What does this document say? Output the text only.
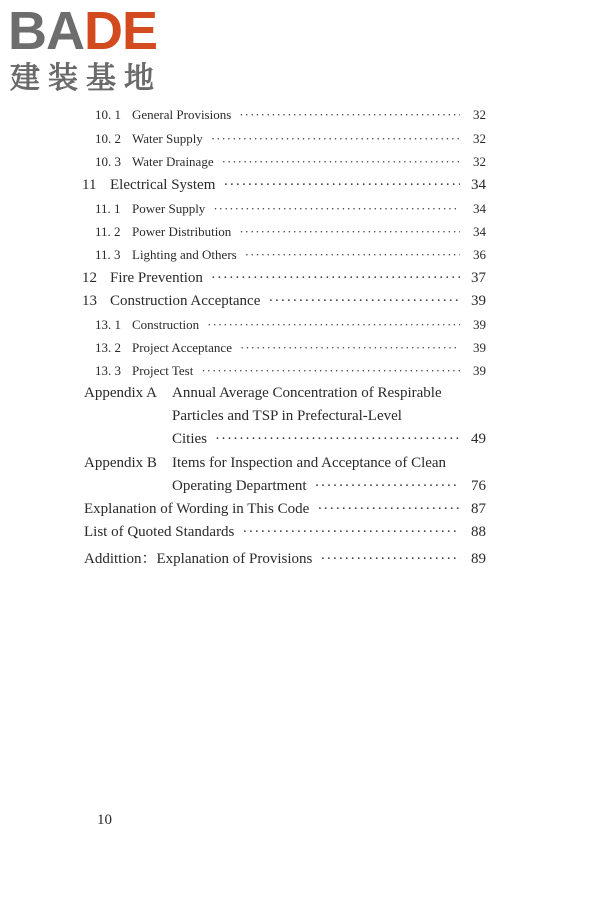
BADE
建装基地
10. 1 General Provisions ·····	32
10. 2 Water Supply ·····	32
10. 3 Water Drainage ·····	32
11 Electrical System ·····	34
11. 1 Power Supply ·····	34
11. 2 Power Distribution ·····	34
11. 3 Lighting and Others ·····	36
12 Fire Prevention ·····	37
13 Construction Acceptance ·····	39
13. 1 Construction ·····	39
13. 2 Project Acceptance ·····	39
13. 3 Project Test ·····	39
Appendix A Annual Average Concentration of Respirable
Particles and TSP in Prefectural-Level
Cities ·····	49
Appendix B Items for Inspection and Acceptance of Clean
Operating Department ·····	76
Explanation of Wording in This Code ·····	87
List of Quoted Standards ·····	88
Addittion：Explanation of Provisions ·····	89
10
